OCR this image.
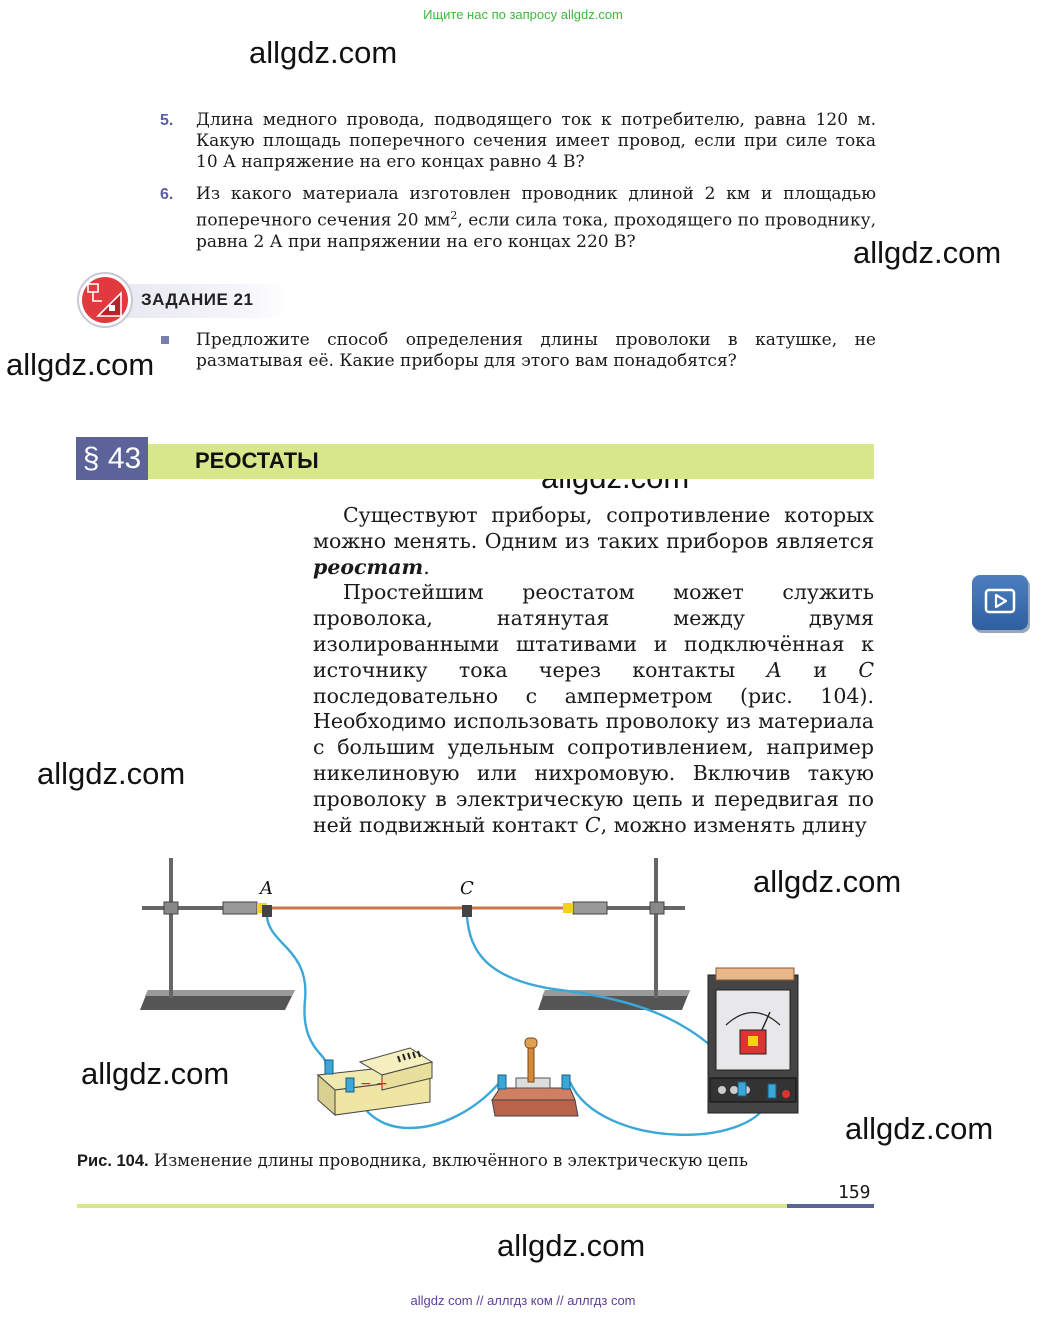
Ищите нас по запросу allgdz.com
allgdz.com
allgdz.com
allgdz.com
allgdz.com
allgdz.com
allgdz.com
allgdz.com
allgdz.com
5. Длина медного провода, подводящего ток к потребителю, равна 120 м. Какую площадь поперечного сечения имеет провод, если при силе тока 10 А напряжение на его концах равно 4 В?
6. Из какого материала изготовлен проводник длиной 2 км и площадью поперечного сечения 20 $мм^2$, если сила тока, проходящего по проводнику, равна 2 А при напряжении на его концах 220 В?
ЗАДАНИЕ 21
Предложите способ определения длины проволоки в катушке, не разматывая её. Какие приборы для этого вам понадобятся?
§ 43	РЕОСТАТЫ

Существуют приборы, сопротивление которых можно менять. Одним из таких приборов является реостат.

Простейшим реостатом может служить проволока, натянутая между двумя изолированными штативами и подключённая к источнику тока через контакты А и С последовательно с амперметром (рис. 104). Необходимо использовать проволоку из материала с большим удельным сопротивлением, например никелиновую или нихромовую. Включив такую проволоку в электрическую цепь и передвигая по ней подвижный контакт С, можно изменять длину

A	C
− +
Рис. 104. Изменение длины проводника, включённого в электрическую цепь
159
allgdz com // аллгдз ком // аллгдз com
